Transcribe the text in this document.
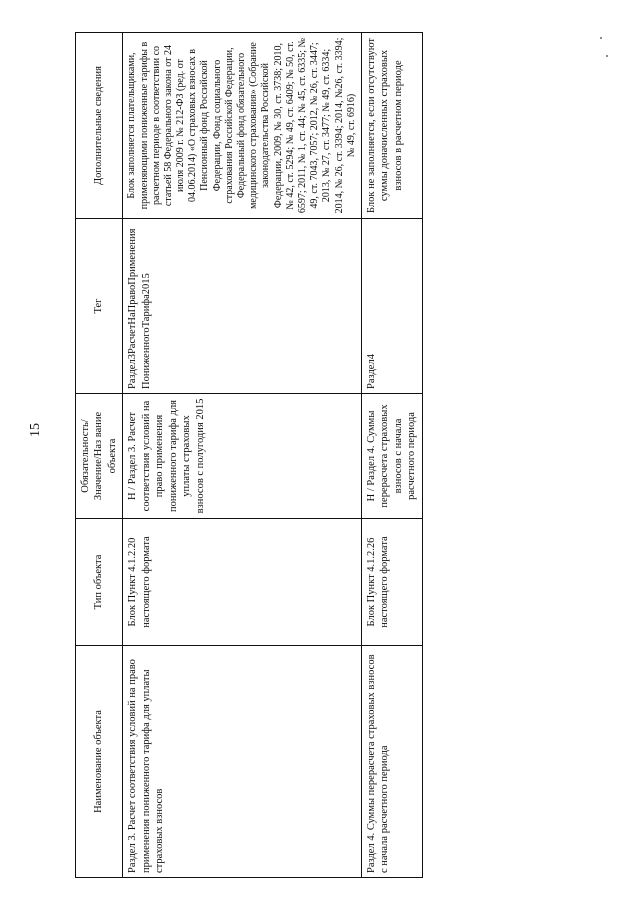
15
Наименование объекта	Тип объекта	Обязательность/Значение/Наз вание объекта	Тег	Дополнительные сведения
Раздел 3. Расчет соответствия условий на право применения пониженного тарифа для уплаты страховых взносов	Блок Пункт 4.1.2.20 настоящего формата	Н / Раздел 3. Расчет соответствия условий на право применения пониженного тарифа для уплаты страховых взносов с полугодия 2015	Раздел3РасчетНаПравоПрименения ПониженногоТарифа2015	Блок заполняется плательщиками, применяющими пониженные тарифы в расчетном периоде в соответствии со статьей 58 Федерального закона от 24 июля 2009 г. № 212-ФЗ (ред. от 04.06.2014) «О страховых взносах в Пенсионный фонд Российской Федерации, Фонд социального страхования Российской Федерации, Федеральный фонд обязательного медицинского страхования» (Собрание законодательства Российской Федерации, 2009, № 30, ст. 3738; 2010, № 42, ст. 5294; № 49, ст. 6409; № 50, ст. 6597; 2011, № 1, ст. 44; № 45, ст. 6335; № 49, ст. 7043, 7057; 2012, № 26, ст. 3447; 2013, № 27, ст. 3477; № 49, ст. 6334; 2014, № 26, ст. 3394; 2014, №26, ст. 3394; № 49, ст. 6916)
Раздел 4. Суммы перерасчета страховых взносов с начала расчетного периода	Блок Пункт 4.1.2.26 настоящего формата	Н / Раздел 4. Суммы перерасчета страховых взносов с начала расчетного периода	Раздел4	Блок не заполняется, если отсутствуют суммы доначисленных страховых взносов в расчетном периоде
